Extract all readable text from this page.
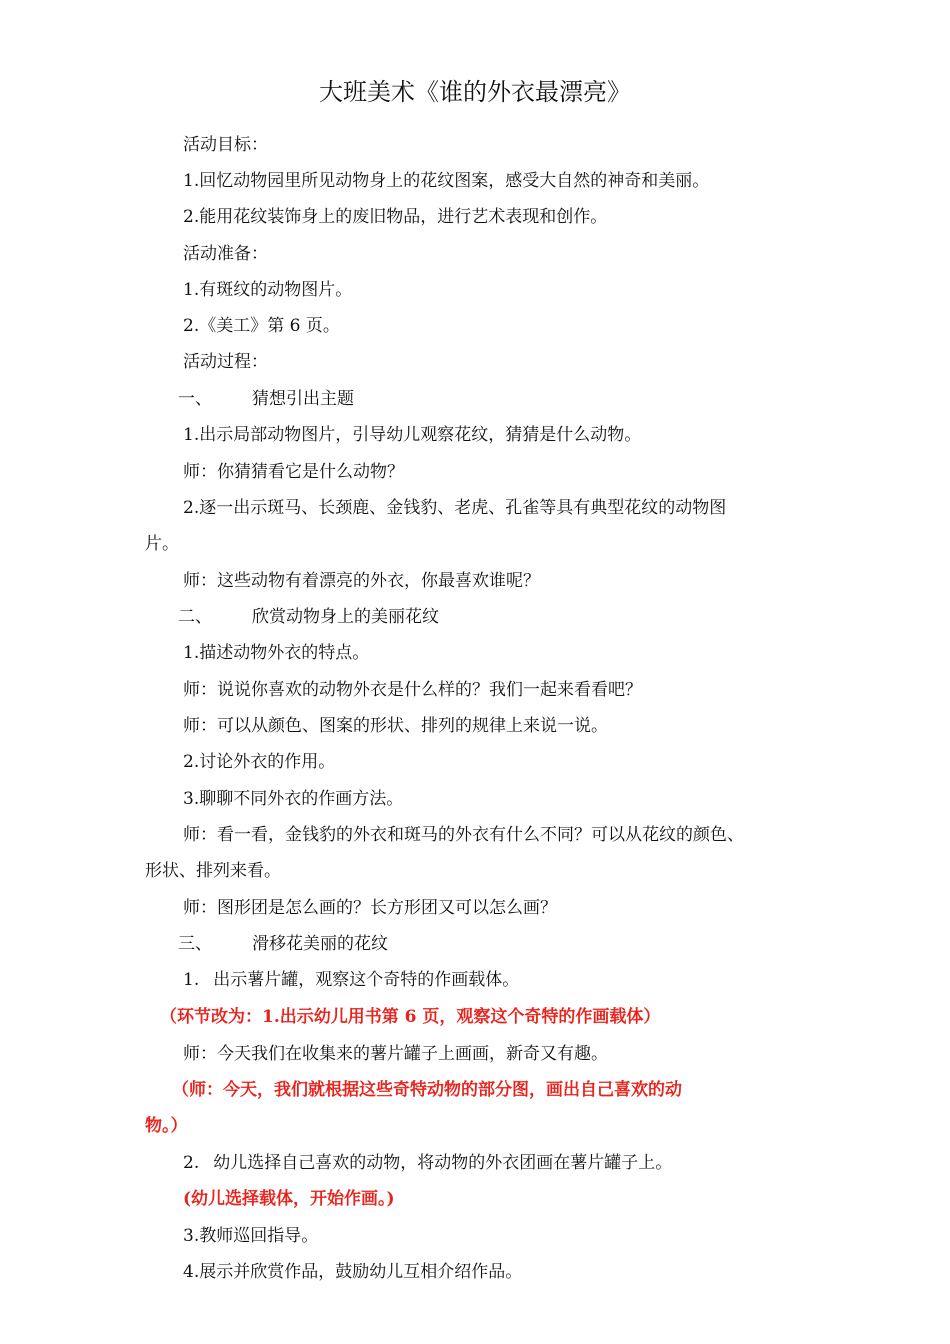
大班美术《谁的外衣最漂亮》
活动目标：
1.回忆动物园里所见动物身上的花纹图案，感受大自然的神奇和美丽。
2.能用花纹装饰身上的废旧物品，进行艺术表现和创作。
活动准备：
1.有斑纹的动物图片。
2.《美工》第 6 页。
活动过程：
一、 猜想引出主题
1.出示局部动物图片，引导幼儿观察花纹，猜猜是什么动物。
师：你猜猜看它是什么动物？
2.逐一出示斑马、长颈鹿、金钱豹、老虎、孔雀等具有典型花纹的动物图
片。
师：这些动物有着漂亮的外衣，你最喜欢谁呢？
二、 欣赏动物身上的美丽花纹
1.描述动物外衣的特点。
师：说说你喜欢的动物外衣是什么样的？我们一起来看看吧？
师：可以从颜色、图案的形状、排列的规律上来说一说。
2.讨论外衣的作用。
3.聊聊不同外衣的作画方法。
师：看一看，金钱豹的外衣和斑马的外衣有什么不同？可以从花纹的颜色、
形状、排列来看。
师：图形团是怎么画的？长方形团又可以怎么画？
三、 滑移花美丽的花纹
1. 出示薯片罐，观察这个奇特的作画载体。
（环节改为：1.出示幼儿用书第 6 页，观察这个奇特的作画载体）
师：今天我们在收集来的薯片罐子上画画，新奇又有趣。
（师：今天，我们就根据这些奇特动物的部分图，画出自己喜欢的动
物。）
2. 幼儿选择自己喜欢的动物，将动物的外衣团画在薯片罐子上。
(幼儿选择载体，开始作画。)
3.教师巡回指导。
4.展示并欣赏作品，鼓励幼儿互相介绍作品。
